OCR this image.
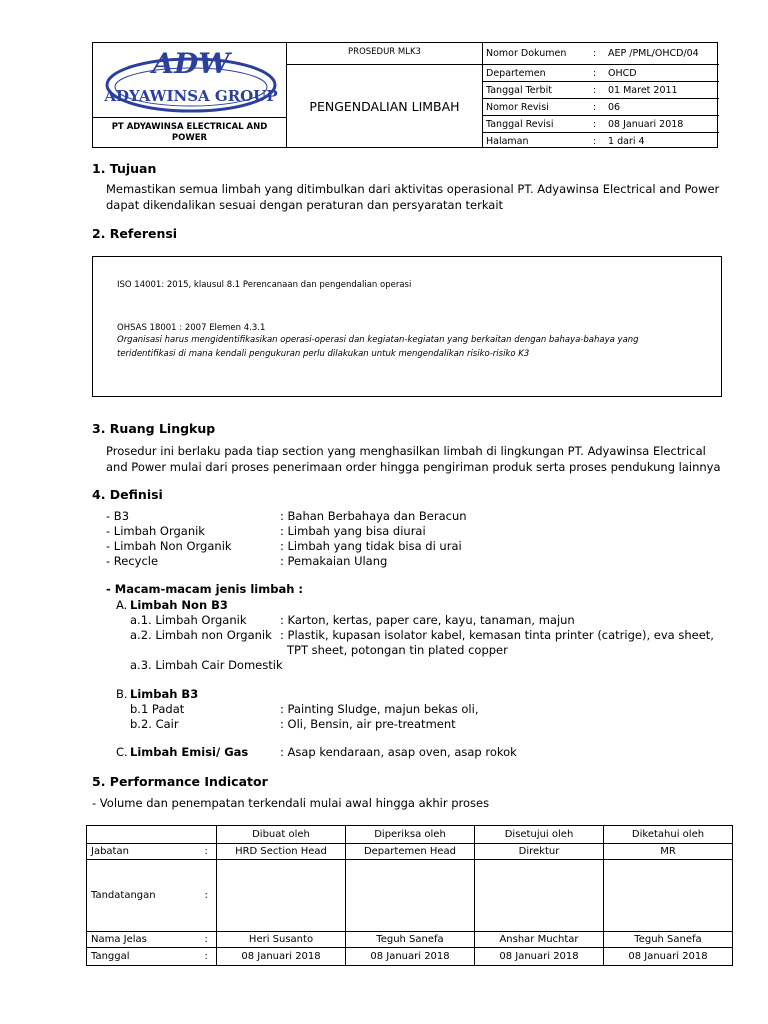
ADW
ADYAWINSA GROUP
PT ADYAWINSA ELECTRICAL AND POWER
PROSEDUR MLK3
PENGENDALIAN LIMBAH
Nomor Dokumen	:	AEP /PML/OHCD/04
Departemen	:	OHCD
Tanggal Terbit	:	01 Maret 2011
Nomor Revisi	:	06
Tanggal Revisi	:	08 Januari 2018
Halaman	:	1 dari 4
1. Tujuan
Memastikan semua limbah yang ditimbulkan dari aktivitas operasional PT. Adyawinsa Electrical and Power
dapat dikendalikan sesuai dengan peraturan dan persyaratan terkait
2. Referensi
ISO 14001: 2015, klausul 8.1 Perencanaan dan pengendalian operasi
OHSAS 18001 : 2007 Elemen 4.3.1
Organisasi harus mengidentifikasikan operasi-operasi dan kegiatan-kegiatan yang berkaitan dengan bahaya-bahaya yang teridentifikasi di mana kendali pengukuran perlu dilakukan untuk mengendalikan risiko-risiko K3
3. Ruang Lingkup
Prosedur ini berlaku pada tiap section yang menghasilkan limbah di lingkungan PT. Adyawinsa Electrical
and Power mulai dari proses penerimaan order hingga pengiriman produk serta proses pendukung lainnya
4. Definisi
- B3	: Bahan Berbahaya dan Beracun
- Limbah Organik	: Limbah yang bisa diurai
- Limbah Non Organik	: Limbah yang tidak bisa di urai
- Recycle	: Pemakaian Ulang
- Macam-macam jenis limbah :
A. Limbah Non B3
a.1. Limbah Organik	: Karton, kertas, paper care, kayu, tanaman, majun
a.2. Limbah non Organik : Plastik, kupasan isolator kabel, kemasan tinta printer (catrige), eva sheet,
TPT sheet, potongan tin plated copper
a.3. Limbah Cair Domestik
B. Limbah B3
b.1 Padat	: Painting Sludge, majun bekas oli,
b.2. Cair	: Oli, Bensin, air pre-treatment
C. Limbah Emisi/ Gas	: Asap kendaraan, asap oven, asap rokok
5. Performance Indicator
- Volume dan penempatan terkendali mulai awal hingga akhir proses
		Dibuat oleh	Diperiksa oleh	Disetujui oleh	Diketahui oleh
Jabatan	:	HRD Section Head	Departemen Head	Direktur	MR
Tandatangan	:				
Nama Jelas	:	Heri Susanto	Teguh Sanefa	Anshar Muchtar	Teguh Sanefa
Tanggal	:	08 Januari 2018	08 Januari 2018	08 Januari 2018	08 Januari 2018
